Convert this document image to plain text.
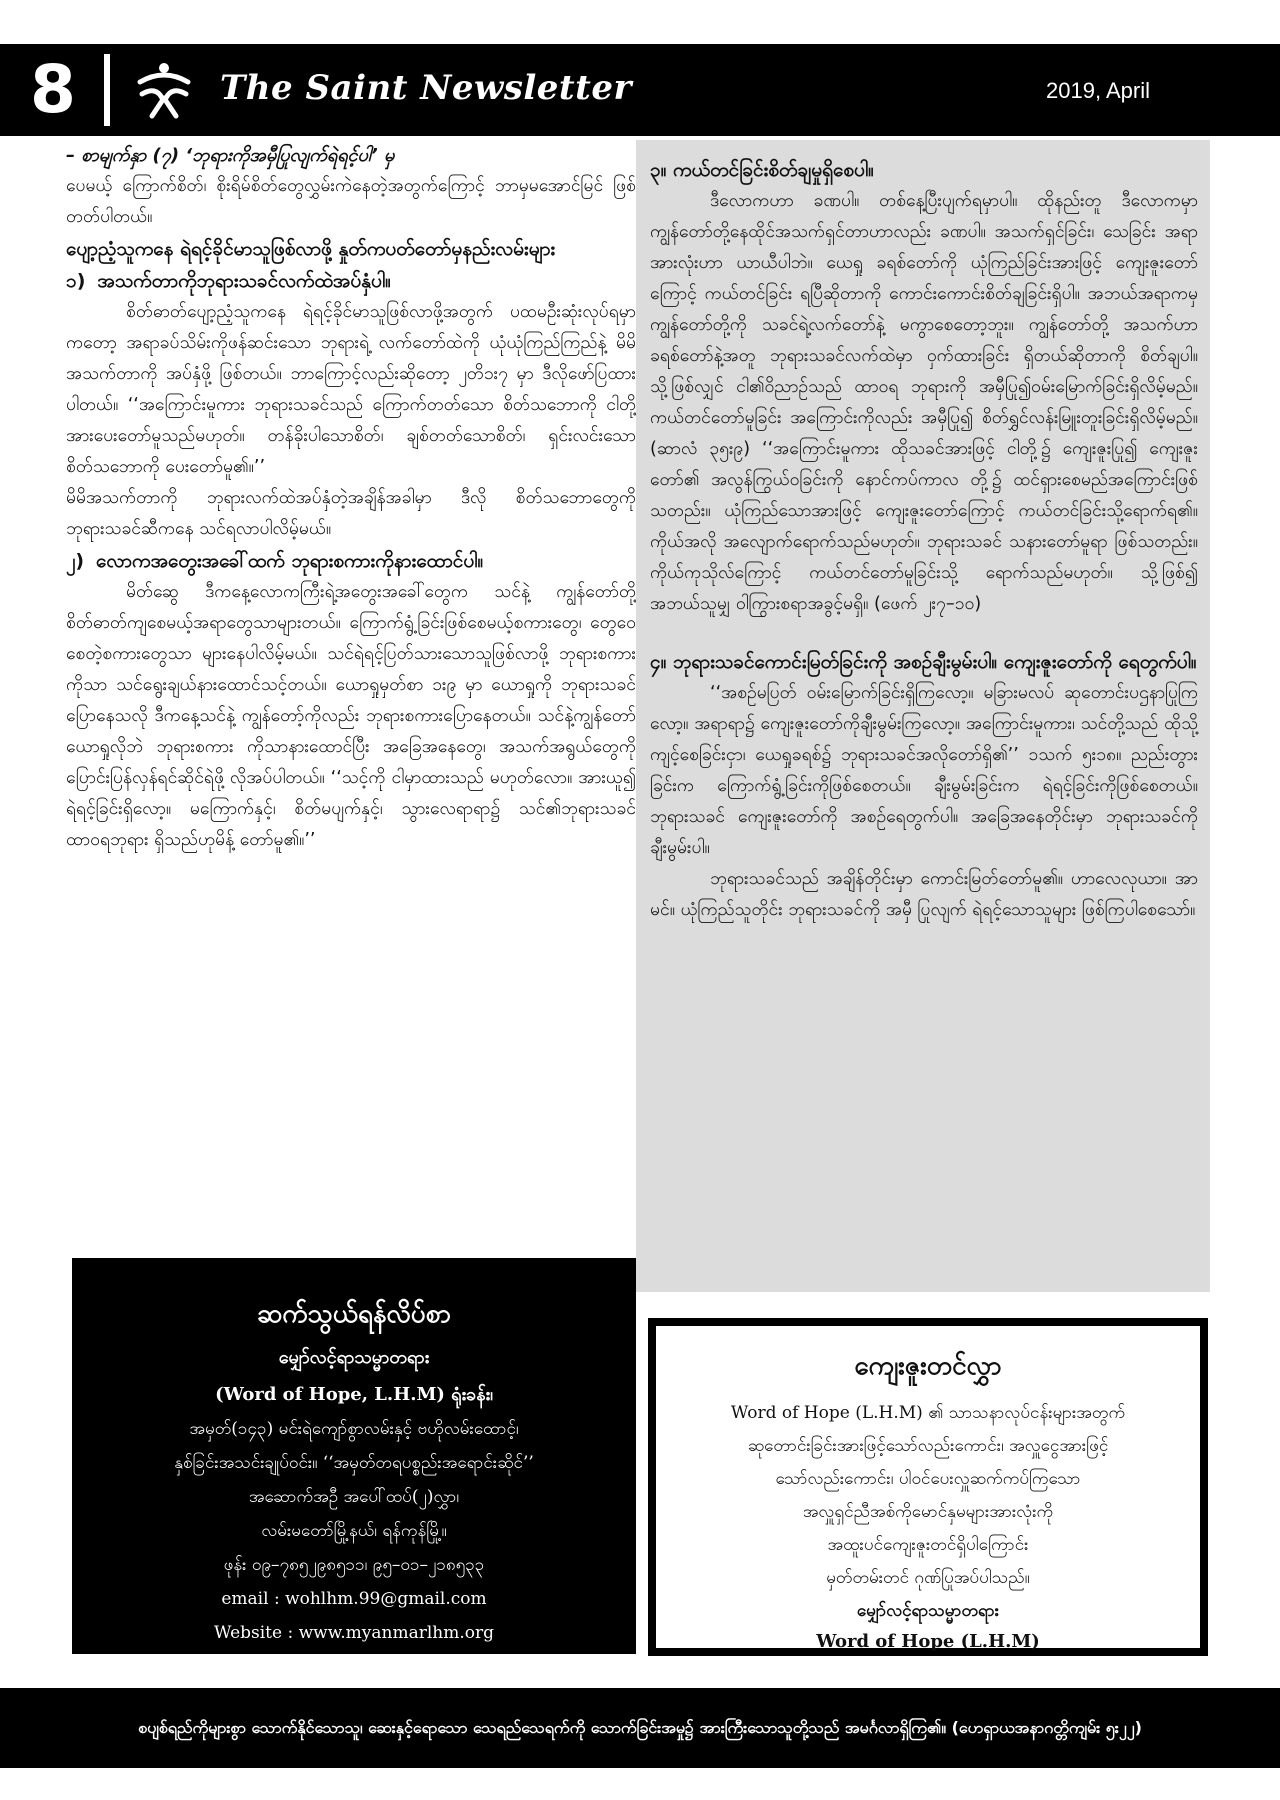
8	The Saint Newsletter	2019, April

– စာမျက်နှာ (၇) ‘ဘုရားကိုအမှီပြုလျက်ရဲရင့်ပါ’ မှ

ပေမယ့် ကြောက်စိတ်၊ စိုးရိမ်စိတ်တွေလွှမ်းကဲနေတဲ့အတွက်ကြောင့် ဘာမှမအောင်မြင် ဖြစ်တတ်ပါတယ်။

ပျော့ညံ့သူကနေ ရဲရင့်ခိုင်မာသူဖြစ်လာဖို့ နှုတ်ကပတ်တော်မှနည်းလမ်းများ

၁) အသက်တာကိုဘုရားသခင်လက်ထဲအပ်နှံပါ။

စိတ်ဓာတ်ပျော့ညံ့သူကနေ ရဲရင့်ခိုင်မာသူဖြစ်လာဖို့အတွက် ပထမဦးဆုံးလုပ်ရမှာကတော့ အရာခပ်သိမ်းကိုဖန်ဆင်းသော ဘုရားရဲ့ လက်တော်ထဲကို ယုံယုံကြည်ကြည်နဲ့ မိမိအသက်တာကို အပ်နှံဖို့ ဖြစ်တယ်။ ဘာကြောင့်လည်းဆိုတော့ ၂တိ၁း၇ မှာ ဒီလိုဖော်ပြထား ပါတယ်။ ‘‘အကြောင်းမူကား ဘုရားသခင်သည် ကြောက်တတ်သော စိတ်သဘောကို ငါတို့အားပေးတော်မူသည်မဟုတ်။ တန်ခိုးပါသောစိတ်၊ ချစ်တတ်သောစိတ်၊ ရှင်းလင်းသောစိတ်သဘောကို ပေးတော်မူ၏။’’

မိမိအသက်တာကို ဘုရားလက်ထဲအပ်နှံတဲ့အချိန်အခါမှာ ဒီလို စိတ်သဘောတွေကို ဘုရားသခင်ဆီကနေ သင်ရလာပါလိမ့်မယ်။

၂) လောကအတွေးအခေါ်ထက် ဘုရားစကားကိုနားထောင်ပါ။

မိတ်ဆွေ ဒီကနေ့လောကကြီးရဲ့အတွေးအခေါ်တွေက သင်နဲ့ ကျွန်တော်တို့ စိတ်ဓာတ်ကျစေမယ့်အရာတွေသာများတယ်။ ကြောက်ရွံ့ခြင်းဖြစ်စေမယ့်စကားတွေ၊ တွေဝေစေတဲ့စကားတွေသာ များနေပါလိမ့်မယ်။ သင်ရဲရင့်ပြတ်သားသောသူဖြစ်လာဖို့ ဘုရားစကား ကိုသာ သင်ရွေးချယ်နားထောင်သင့်တယ်။ ယောရှုမှတ်စာ ၁း၉ မှာ ယောရှုကို ဘုရားသခင်ပြောနေသလို ဒီကနေ့သင်နဲ့ ကျွန်တော့်ကိုလည်း ဘုရားစကားပြောနေတယ်။ သင်နဲ့ကျွန်တော် ယောရှုလိုဘဲ ဘုရားစကား ကိုသာနားထောင်ပြီး အခြေအနေတွေ၊ အသက်အရွယ်တွေကို ပြောင်းပြန်လှန်ရင်ဆိုင်ရဲဖို့ လိုအပ်ပါတယ်။ ‘‘သင့်ကို ငါမှာထားသည် မဟုတ်လော။ အားယူ၍ ရဲရင့်ခြင်းရှိလော့။ မကြောက်နှင့်၊ စိတ်မပျက်နှင့်၊ သွားလေရာရာ၌ သင်၏ဘုရားသခင်ထာဝရဘုရား ရှိသည်ဟုမိန့် တော်မူ၏။’’

၃။ ကယ်တင်ခြင်းစိတ်ချမှုရှိစေပါ။

ဒီလောကဟာ ခဏပါ။ တစ်နေ့ပြီးပျက်ရမှာပါ။ ထိုနည်းတူ ဒီလောကမှာ ကျွန်တော်တို့နေထိုင်အသက်ရှင်တာဟာလည်း ခဏပါ။ အသက်ရှင်ခြင်း၊ သေခြင်း အရာအားလုံးဟာ ယာယီပါဘဲ။ ယေရှု ခရစ်တော်ကို ယုံကြည်ခြင်းအားဖြင့် ကျေးဇူးတော်ကြောင့် ကယ်တင်ခြင်း ရပြီဆိုတာကို ကောင်းကောင်းစိတ်ချခြင်းရှိပါ။ အဘယ်အရာကမှ ကျွန်တော်တို့ကို သခင်ရဲ့လက်တော်နဲ့ မကွာစေတော့ဘူး။ ကျွန်တော်တို့ အသက်ဟာ ခရစ်တော်နဲ့အတူ ဘုရားသခင်လက်ထဲမှာ ဝှက်ထားခြင်း ရှိတယ်ဆိုတာကို စိတ်ချပါ။ သို့ဖြစ်လျှင် ငါ၏ဝိညာဉ်သည် ထာဝရ ဘုရားကို အမှီပြု၍ဝမ်းမြောက်ခြင်းရှိလိမ့်မည်။ ကယ်တင်တော်မူခြင်း အကြောင်းကိုလည်း အမှီပြု၍ စိတ်ရွှင်လန်းမြူးတူးခြင်းရှိလိမ့်မည်။ (ဆာလံ ၃၅း၉) ‘‘အကြောင်းမူကား ထိုသခင်အားဖြင့် ငါတို့၌ ကျေးဇူးပြု၍ ကျေးဇူးတော်၏ အလွန်ကြွယ်ဝခြင်းကို နောင်ကပ်ကာလ တို့၌ ထင်ရှားစေမည်အကြောင်းဖြစ်သတည်း။ ယုံကြည်သောအားဖြင့် ကျေးဇူးတော်ကြောင့် ကယ်တင်ခြင်းသို့ရောက်ရ၏။ ကိုယ်အလို အလျောက်ရောက်သည်မဟုတ်။ ဘုရားသခင် သနားတော်မူရာ ဖြစ်သတည်း။ ကိုယ်ကုသိုလ်ကြောင့် ကယ်တင်တော်မူခြင်းသို့ ရောက်သည်မဟုတ်။ သို့ဖြစ်၍ အဘယ်သူမျှ ဝါကြွားစရာအခွင့်မရှိ။ (ဖေက် ၂း၇–၁၀)

၄။ ဘုရားသခင်ကောင်းမြတ်ခြင်းကို အစဉ်ချီးမွမ်းပါ။ ကျေးဇူးတော်ကို ရေတွက်ပါ။

‘‘အစဉ်မပြတ် ဝမ်းမြောက်ခြင်းရှိကြလော့။ မခြားမလပ် ဆုတောင်းပဌနာပြုကြလော့။ အရာရာ၌ ကျေးဇူးတော်ကိုချီးမွမ်းကြလော့။ အကြောင်းမူကား၊ သင်တို့သည် ထိုသို့ကျင့်စေခြင်းငှာ၊ ယေရှုခရစ်၌ ဘုရားသခင်အလိုတော်ရှိ၏’’ ၁သက် ၅း၁၈။ ညည်းတွားခြင်းက ကြောက်ရွံ့ခြင်းကိုဖြစ်စေတယ်။ ချီးမွမ်းခြင်းက ရဲရင့်ခြင်းကိုဖြစ်စေတယ်။ ဘုရားသခင် ကျေးဇူးတော်ကို အစဉ်ရေတွက်ပါ။ အခြေအနေတိုင်းမှာ ဘုရားသခင်ကိုချီးမွမ်းပါ။

ဘုရားသခင်သည် အချိန်တိုင်းမှာ ကောင်းမြတ်တော်မူ၏။ ဟာလေလုယာ။ အာမင်။ ယုံကြည်သူတိုင်း ဘုရားသခင်ကို အမှီ ပြုလျက် ရဲရင့်သောသူများ ဖြစ်ကြပါစေသော်။

ဆက်သွယ်ရန်လိပ်စာ
မျှော်လင့်ရာသမ္မာတရား
(Word of Hope, L.H.M) ရုံးခန်း၊
အမှတ်(၁၄၃) မင်းရဲကျော်စွာလမ်းနှင့် ဗဟိုလမ်းထောင့်၊
နှစ်ခြင်းအသင်းချုပ်ဝင်း။ ‘‘အမှတ်တရပစ္စည်းအရောင်းဆိုင်’’
အဆောက်အဦ အပေါ်ထပ်(၂)လွှာ၊
လမ်းမတော်မြို့နယ်၊ ရန်ကုန်မြို့။
ဖုန်း ၀၉–၇၈၅၂၉၈၅၁၁၊ ၉၅–၀၁–၂၁၈၅၃၃
email : wohlhm.99@gmail.com
Website : www.myanmarlhm.org
ကျေးဇူးတင်လွှာ
Word of Hope (L.H.M) ၏ သာသနာလုပ်ငန်းများအတွက်
ဆုတောင်းခြင်းအားဖြင့်သော်လည်းကောင်း၊ အလှူငွေအားဖြင့်
သော်လည်းကောင်း၊ ပါဝင်ပေးလှူဆက်ကပ်ကြသော
အလှူရှင်ညီအစ်ကိုမောင်နှမများအားလုံးကို
အထူးပင်ကျေးဇူးတင်ရှိပါကြောင်း
မှတ်တမ်းတင် ဂုဏ်ပြုအပ်ပါသည်။
မျှော်လင့်ရာသမ္မာတရား
Word of Hope (L.H.M)
စပျစ်ရည်ကိုများစွာ သောက်နိုင်သောသူ၊ ဆေးနှင့်ရောသော သေရည်သေရက်ကို သောက်ခြင်းအမှု၌ အားကြီးသောသူတို့သည် အမင်္ဂလာရှိကြ၏။ (ဟေရှာယအနာဂတ္တိကျမ်း ၅း၂၂)
